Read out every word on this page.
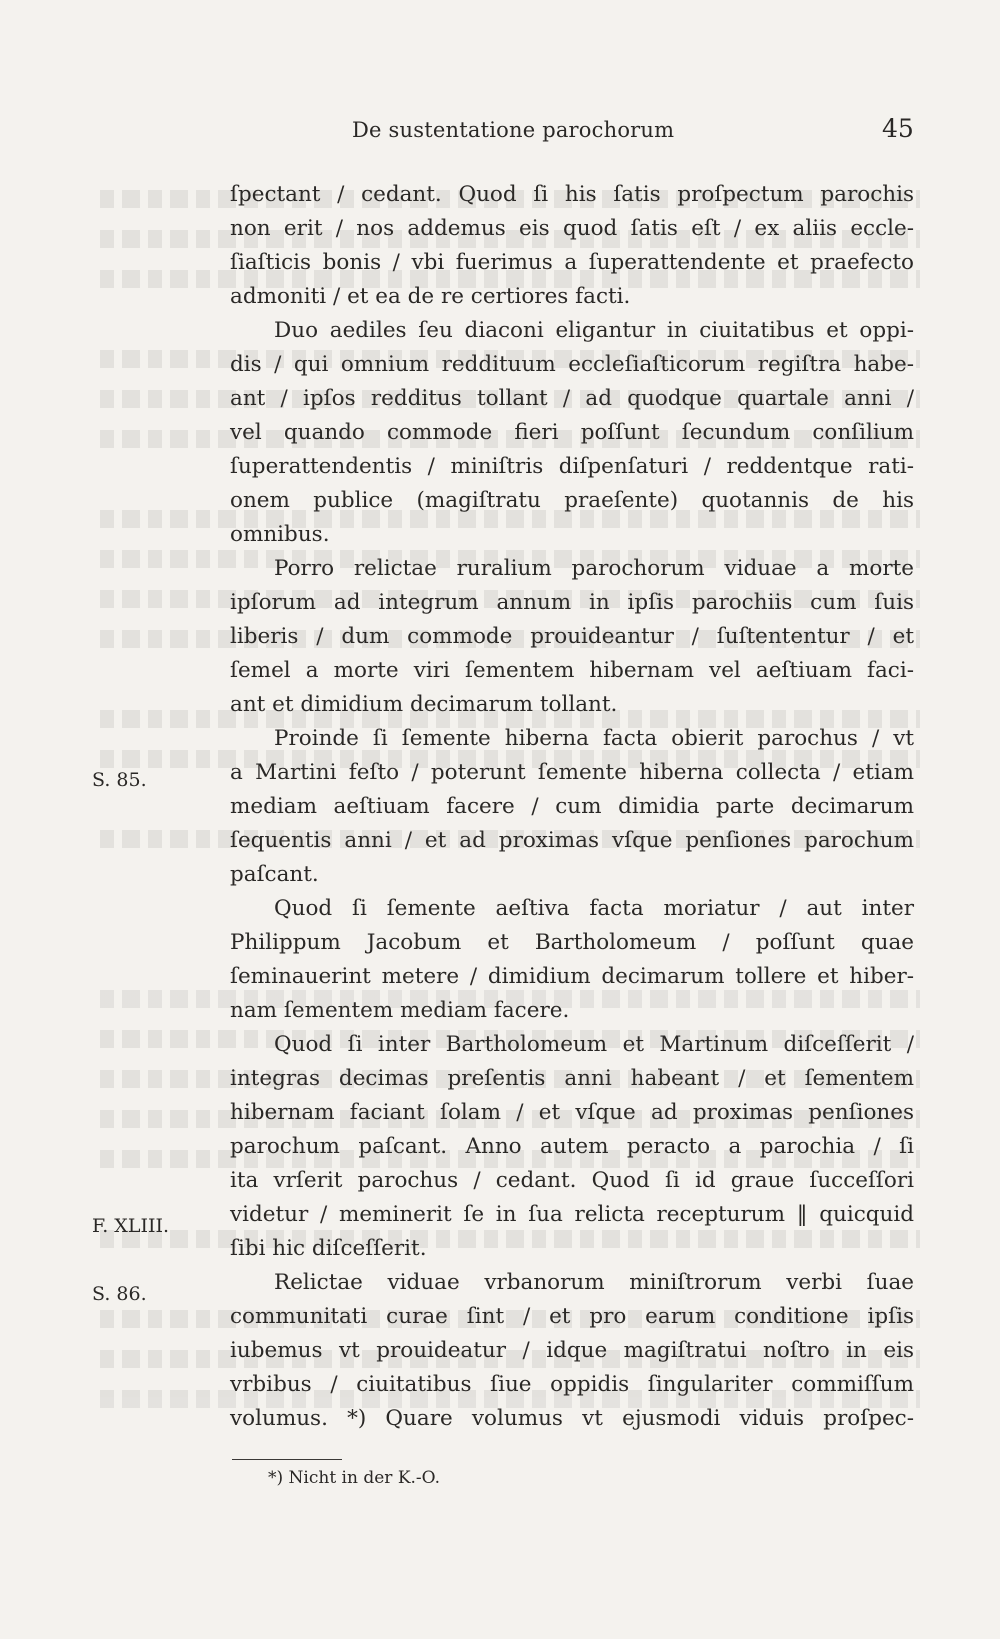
De sustentatione parochorum	45
ſpectant / cedant. Quod ſi his ſatis proſpectum parochis
non erit / nos addemus eis quod ſatis eſt / ex aliis eccle-
ſiaſticis bonis / vbi fuerimus a ſuperattendente et praefecto
admoniti / et ea de re certiores facti.
Duo aediles ſeu diaconi eligantur in ciuitatibus et oppi-
dis / qui omnium reddituum eccleſiaſticorum regiſtra habe-
ant / ipſos redditus tollant / ad quodque quartale anni /
vel quando commode fieri poſſunt ſecundum conſilium
ſuperattendentis / miniſtris diſpenſaturi / reddentque rati-
onem publice (magiſtratu praeſente) quotannis de his
omnibus.
Porro relictae ruralium parochorum viduae a morte
ipſorum ad integrum annum in ipſis parochiis cum ſuis
liberis / dum commode prouideantur / ſuſtententur / et
ſemel a morte viri ſementem hibernam vel aeſtiuam faci-
ant et dimidium decimarum tollant.
Proinde ſi ſemente hiberna facta obierit parochus / vt
a Martini feſto / poterunt ſemente hiberna collecta / etiam
mediam aeſtiuam facere / cum dimidia parte decimarum
ſequentis anni / et ad proximas vſque penſiones parochum
paſcant.
Quod ſi ſemente aeſtiva facta moriatur / aut inter
Philippum Jacobum et Bartholomeum / poſſunt quae
ſeminauerint metere / dimidium decimarum tollere et hiber-
nam ſementem mediam facere.
Quod ſi inter Bartholomeum et Martinum diſceſſerit /
integras decimas preſentis anni habeant / et ſementem
hibernam faciant ſolam / et vſque ad proximas penſiones
parochum paſcant. Anno autem peracto a parochia / ſi
ita vrſerit parochus / cedant. Quod ſi id graue ſucceſſori
videtur / meminerit ſe in ſua relicta recepturum ‖ quicquid
ſibi hic diſceſſerit.
Relictae viduae vrbanorum miniſtrorum verbi ſuae
communitati curae ſint / et pro earum conditione ipſis
iubemus vt prouideatur / idque magiſtratui noſtro in eis
vrbibus / ciuitatibus ſiue oppidis ſingulariter commiſſum
volumus. *) Quare volumus vt ejusmodi viduis proſpec-
S. 85.
F. XLIII.
S. 86.
*) Nicht in der K.-O.
